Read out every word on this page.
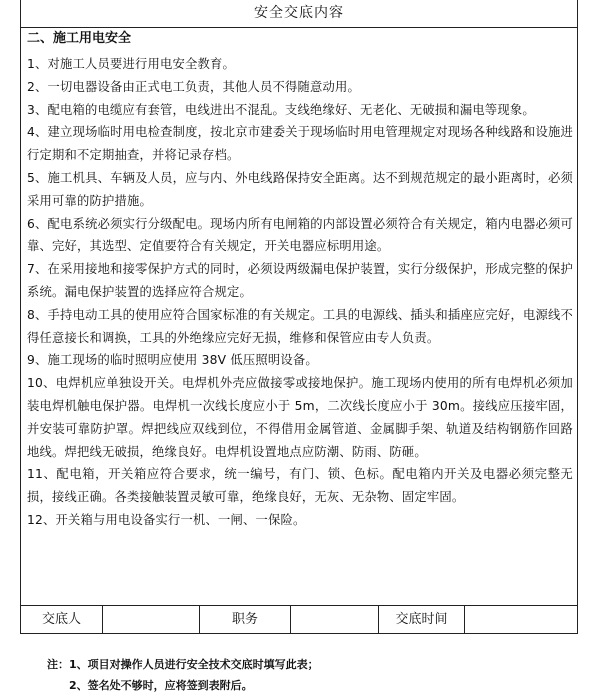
安全交底内容
二、施工用电安全
1、对施工人员要进行用电安全教育。
2、一切电器设备由正式电工负责，其他人员不得随意动用。
3、配电箱的电缆应有套管，电线进出不混乱。支线绝缘好、无老化、无破损和漏电等现象。
4、建立现场临时用电检查制度，按北京市建委关于现场临时用电管理规定对现场各种线路和设施进行定期和不定期抽查，并将记录存档。
5、施工机具、车辆及人员，应与内、外电线路保持安全距离。达不到规范规定的最小距离时，必须采用可靠的防护措施。
6、配电系统必须实行分级配电。现场内所有电闸箱的内部设置必须符合有关规定，箱内电器必须可靠、完好，其选型、定值要符合有关规定，开关电器应标明用途。
7、在采用接地和接零保护方式的同时，必须设两级漏电保护装置，实行分级保护，形成完整的保护系统。漏电保护装置的选择应符合规定。
8、手持电动工具的使用应符合国家标准的有关规定。工具的电源线、插头和插座应完好，电源线不得任意接长和调换，工具的外绝缘应完好无损，维修和保管应由专人负责。
9、施工现场的临时照明应使用 38V 低压照明设备。
10、电焊机应单独设开关。电焊机外壳应做接零或接地保护。施工现场内使用的所有电焊机必须加装电焊机触电保护器。电焊机一次线长度应小于 5m，二次线长度应小于 30m。接线应压接牢固，并安装可靠防护罩。焊把线应双线到位，不得借用金属管道、金属脚手架、轨道及结构钢筋作回路地线。焊把线无破损，绝缘良好。电焊机设置地点应防潮、防雨、防砸。
11、配电箱，开关箱应符合要求，统一编号，有门、锁、色标。配电箱内开关及电器必须完整无损，接线正确。各类接触装置灵敏可靠，绝缘良好，无灰、无杂物、固定牢固。
12、开关箱与用电设备实行一机、一闸、一保险。
交底人	职务	交底时间
注：1、项目对操作人员进行安全技术交底时填写此表；
2、签名处不够时，应将签到表附后。
